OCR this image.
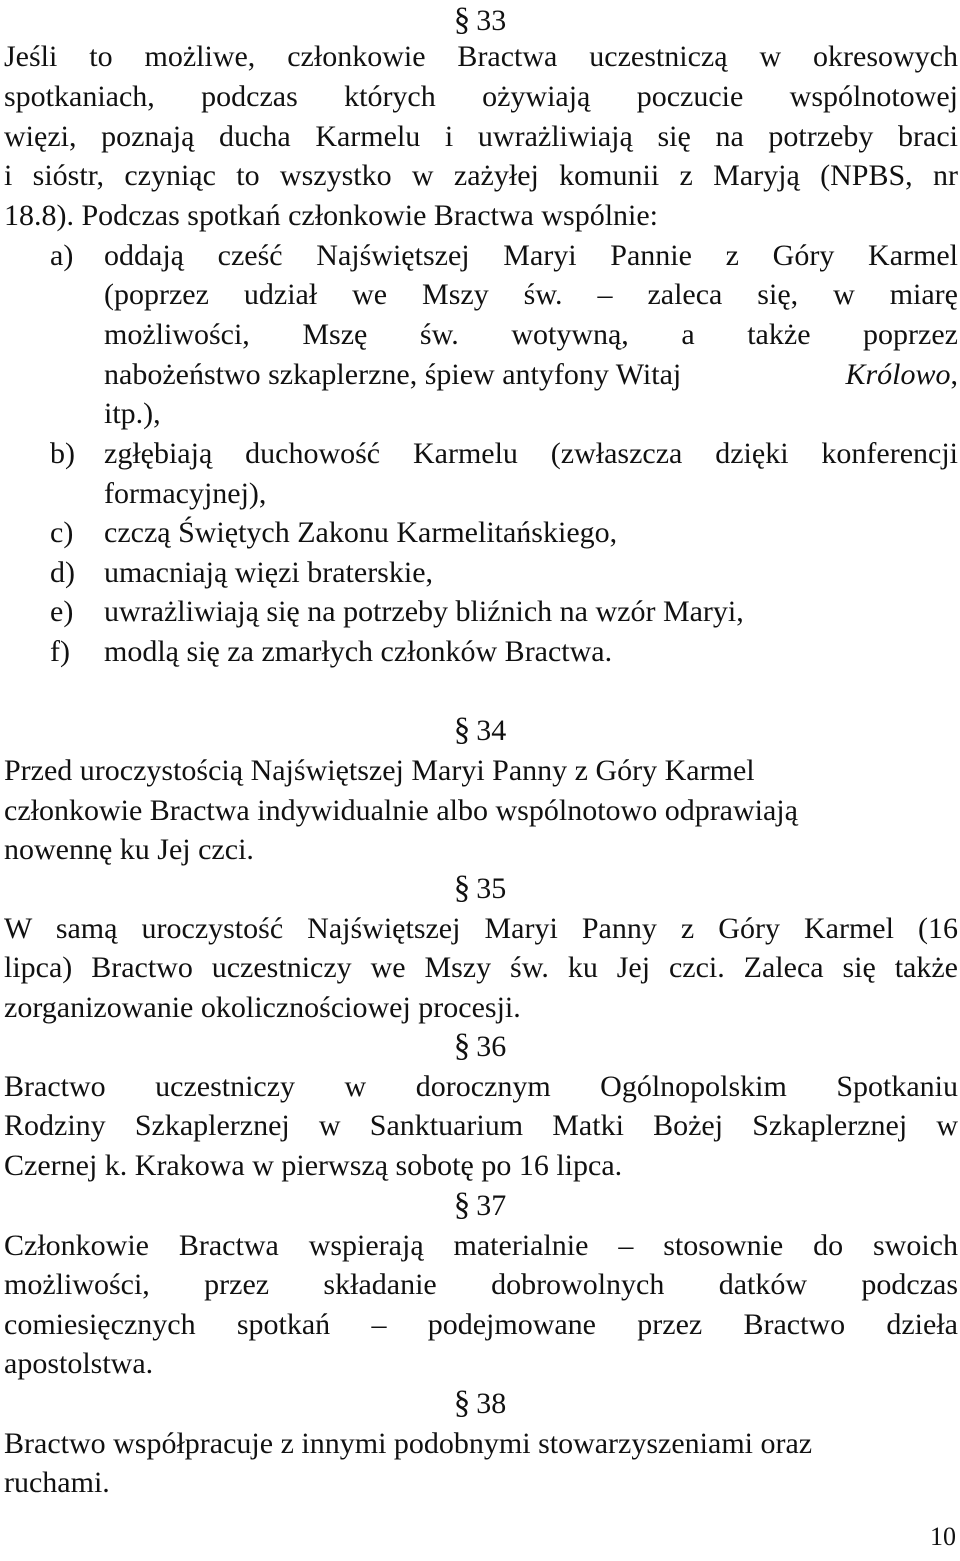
§ 33
Jeśli to możliwe, członkowie Bractwa uczestniczą w okresowych
spotkaniach, podczas których ożywiają poczucie wspólnotowej
więzi, poznają ducha Karmelu i uwrażliwiają się na potrzeby braci
i sióstr, czyniąc to wszystko w zażyłej komunii z Maryją (NPBS, nr
18.8). Podczas spotkań członkowie Bractwa wspólnie:
a) oddają cześć Najświętszej Maryi Pannie z Góry Karmel
(poprzez udział we Mszy św. – zaleca się, w miarę
możliwości, Mszę św. wotywną, a także poprzez
nabożeństwo szkaplerzne, śpiew antyfony Witaj	Królowo,
itp.),
b) zgłębiają duchowość Karmelu (zwłaszcza dzięki konferencji
formacyjnej),
c) czczą Świętych Zakonu Karmelitańskiego,
d) umacniają więzi braterskie,
e) uwrażliwiają się na potrzeby bliźnich na wzór Maryi,
f) modlą się za zmarłych członków Bractwa.
§ 34
Przed uroczystością Najświętszej Maryi Panny z Góry Karmel
członkowie Bractwa indywidualnie albo wspólnotowo odprawiają
nowennę ku Jej czci.
§ 35
W samą uroczystość Najświętszej Maryi Panny z Góry Karmel (16
lipca) Bractwo uczestniczy we Mszy św. ku Jej czci. Zaleca się także
zorganizowanie okolicznościowej procesji.
§ 36
Bractwo uczestniczy w dorocznym Ogólnopolskim Spotkaniu
Rodziny Szkaplerznej w Sanktuarium Matki Bożej Szkaplerznej w
Czernej k. Krakowa w pierwszą sobotę po 16 lipca.
§ 37
Członkowie Bractwa wspierają materialnie – stosownie do swoich
możliwości, przez składanie dobrowolnych datków podczas
comiesięcznych spotkań – podejmowane przez Bractwo dzieła
apostolstwa.
§ 38
Bractwo współpracuje z innymi podobnymi stowarzyszeniami oraz
ruchami.
10
